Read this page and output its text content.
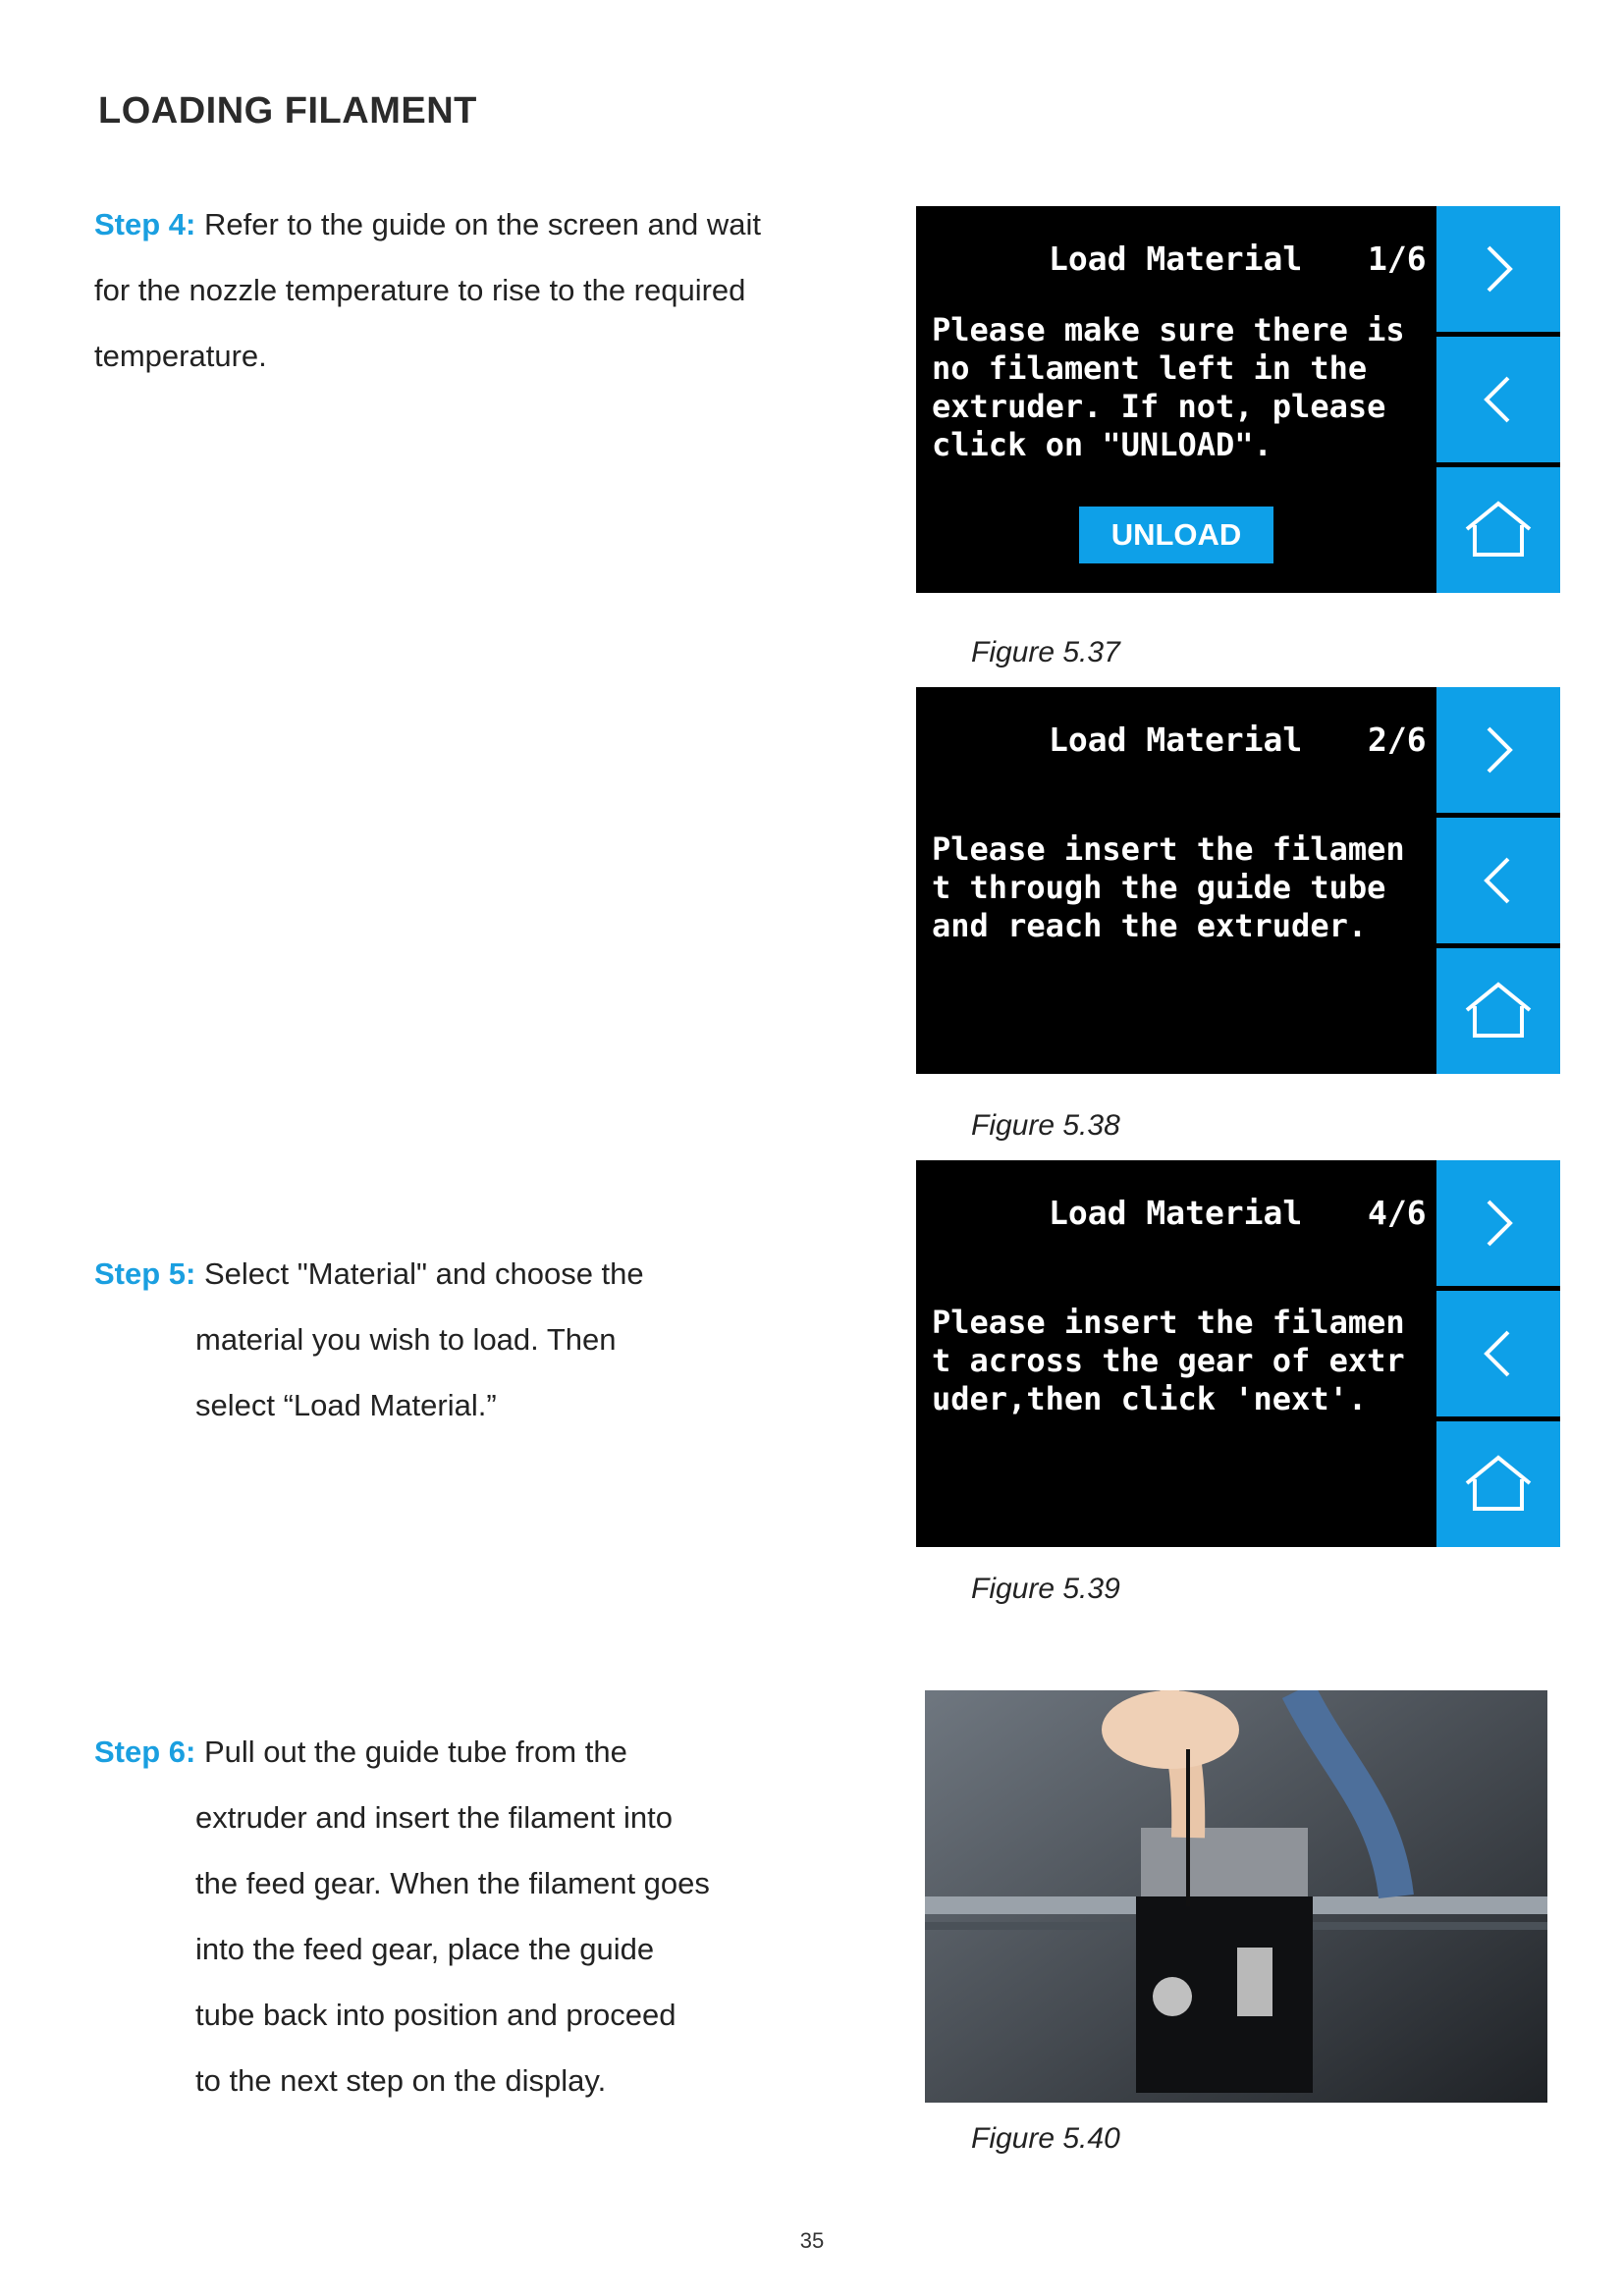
LOADING FILAMENT
Step 4: Refer to the guide on the screen and wait
for the nozzle temperature to rise to the required
temperature.
Step 5: Select "Material" and choose the
material you wish to load. Then
select “Load Material.”
Step 6: Pull out the guide tube from the
extruder and insert the filament into
the feed gear. When the filament goes
into the feed gear, place the guide
tube back into position and proceed
to the next step on the display.
Load Material 1/6
Please make sure there is
no filament left in the
extruder. If not, please
click on "UNLOAD".
UNLOAD
Figure 5.37
Load Material 2/6
Please insert the filamen
t through the guide tube
and reach the extruder.
Figure 5.38
Load Material 4/6
Please insert the filamen
t across the gear of extr
uder,then click 'next'.
Figure 5.39
Figure 5.40
35
